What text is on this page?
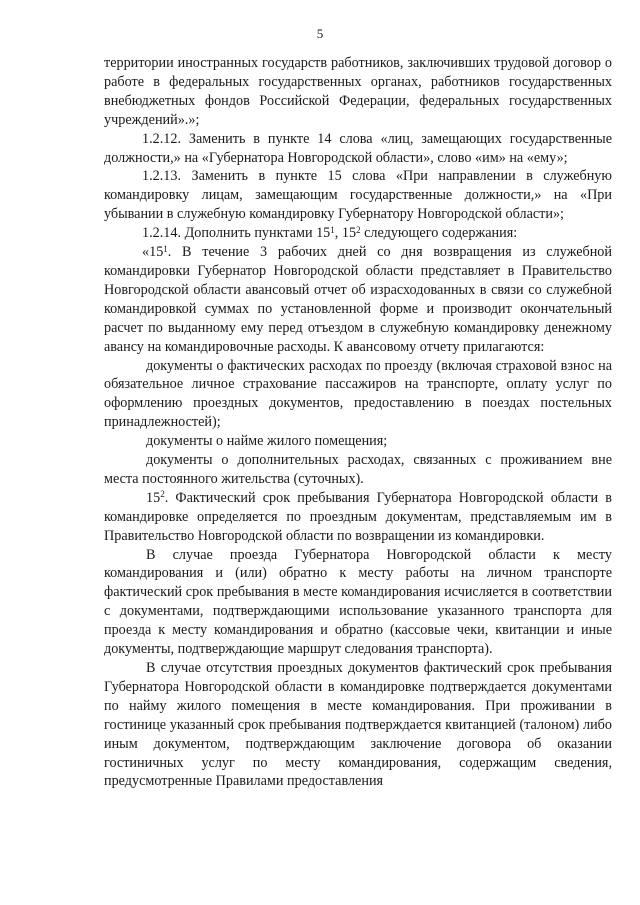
5

территории иностранных государств работников, заключивших трудовой договор о работе в федеральных государственных органах, работников государственных внебюджетных фондов Российской Федерации, федеральных государственных учреждений».»;

1.2.12. Заменить в пункте 14 слова «лиц, замещающих государственные должности,» на «Губернатора Новгородской области», слово «им» на «ему»;

1.2.13. Заменить в пункте 15 слова «При направлении в служебную командировку лицам, замещающим государственные должности,» на «При убывании в служебную командировку Губернатору Новгородской области»;

1.2.14. Дополнить пунктами $15^1$, $15^2$ следующего содержания:

«$15^1$. В течение 3 рабочих дней со дня возвращения из служебной командировки Губернатор Новгородской области представляет в Правительство Новгородской области авансовый отчет об израсходованных в связи со служебной командировкой суммах по установленной форме и производит окончательный расчет по выданному ему перед отъездом в служебную командировку денежному авансу на командировочные расходы. К авансовому отчету прилагаются:

документы о фактических расходах по проезду (включая страховой взнос на обязательное личное страхование пассажиров на транспорте, оплату услуг по оформлению проездных документов, предоставлению в поездах постельных принадлежностей);

документы о найме жилого помещения;

документы о дополнительных расходах, связанных с проживанием вне места постоянного жительства (суточных).

$15^2$. Фактический срок пребывания Губернатора Новгородской области в командировке определяется по проездным документам, представляемым им в Правительство Новгородской области по возвращении из командировки.

В случае проезда Губернатора Новгородской области к месту командирования и (или) обратно к месту работы на личном транспорте фактический срок пребывания в месте командирования исчисляется в соответствии с документами, подтверждающими использование указанного транспорта для проезда к месту командирования и обратно (кассовые чеки, квитанции и иные документы, подтверждающие маршрут следования транспорта).

В случае отсутствия проездных документов фактический срок пребывания Губернатора Новгородской области в командировке подтверждается документами по найму жилого помещения в месте командирования. При проживании в гостинице указанный срок пребывания подтверждается квитанцией (талоном) либо иным документом, подтверждающим заключение договора об оказании гостиничных услуг по месту командирования, содержащим сведения, предусмотренные Правилами предоставления
